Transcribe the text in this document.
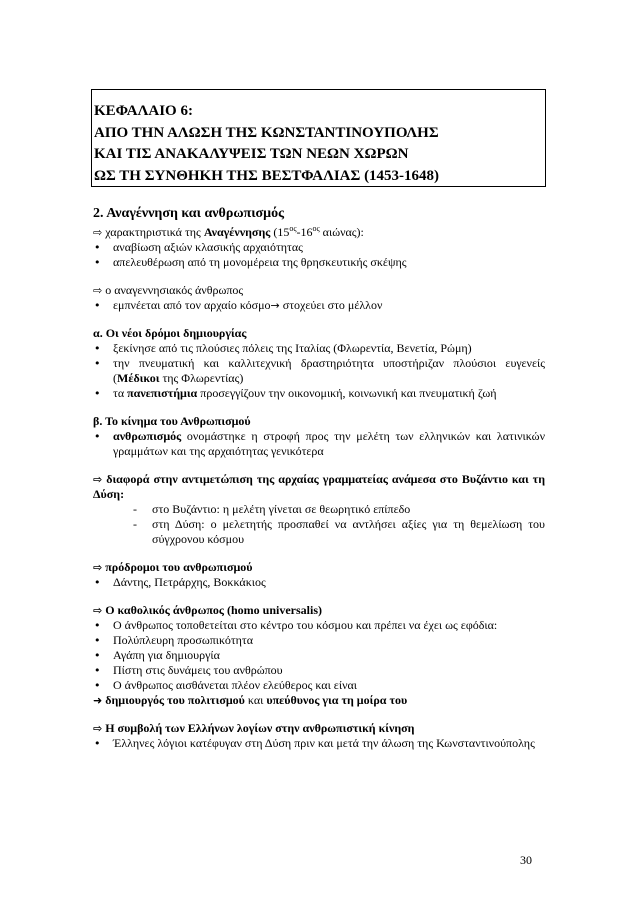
ΚΕΦΑΛΑΙΟ 6:
ΑΠΟ ΤΗΝ ΑΛΩΣΗ ΤΗΣ ΚΩΝΣΤΑΝΤΙΝΟΥΠΟΛΗΣ
ΚΑΙ ΤΙΣ ΑΝΑΚΑΛΥΨΕΙΣ ΤΩΝ ΝΕΩΝ ΧΩΡΩΝ
ΩΣ ΤΗ ΣΥΝΘΗΚΗ ΤΗΣ ΒΕΣΤΦΑΛΙΑΣ (1453-1648)
2. Αναγέννηση και ανθρωπισμός
⇨ χαρακτηριστικά της Αναγέννησης ($15^{o\varsigma}-16^{o\varsigma}$ αιώνας):
• αναβίωση αξιών κλασικής αρχαιότητας
• απελευθέρωση από τη μονομέρεια της θρησκευτικής σκέψης
⇨ ο αναγεννησιακός άνθρωπος
• εμπνέεται από τον αρχαίο κόσμο→ στοχεύει στο μέλλον
α. Οι νέοι δρόμοι δημιουργίας
• ξεκίνησε από τις πλούσιες πόλεις της Ιταλίας (Φλωρεντία, Βενετία, Ρώμη)
• την πνευματική και καλλιτεχνική δραστηριότητα υποστήριζαν πλούσιοι ευγενείς (Μέδικοι της Φλωρεντίας)
• τα πανεπιστήμια προσεγγίζουν την οικονομική, κοινωνική και πνευματική ζωή
β. Το κίνημα του Ανθρωπισμού
• ανθρωπισμός ονομάστηκε η στροφή προς την μελέτη των ελληνικών και λατινικών γραμμάτων και της αρχαιότητας γενικότερα
⇨ διαφορά στην αντιμετώπιση της αρχαίας γραμματείας ανάμεσα στο Βυζάντιο και τη Δύση:
- στο Βυζάντιο: η μελέτη γίνεται σε θεωρητικό επίπεδο
- στη Δύση: ο μελετητής προσπαθεί να αντλήσει αξίες για τη θεμελίωση του σύγχρονου κόσμου
⇨ πρόδρομοι του ανθρωπισμού
• Δάντης, Πετράρχης, Βοκκάκιος
⇨ Ο καθολικός άνθρωπος (homo universalis)
• Ο άνθρωπος τοποθετείται στο κέντρο του κόσμου και πρέπει να έχει ως εφόδια:
• Πολύπλευρη προσωπικότητα
• Αγάπη για δημιουργία
• Πίστη στις δυνάμεις του ανθρώπου
• Ο άνθρωπος αισθάνεται πλέον ελεύθερος και είναι
➜ δημιουργός του πολιτισμού και υπεύθυνος για τη μοίρα του
⇨ Η συμβολή των Ελλήνων λογίων στην ανθρωπιστική κίνηση
• Έλληνες λόγιοι κατέφυγαν στη Δύση πριν και μετά την άλωση της Κωνσταντινούπολης
30
